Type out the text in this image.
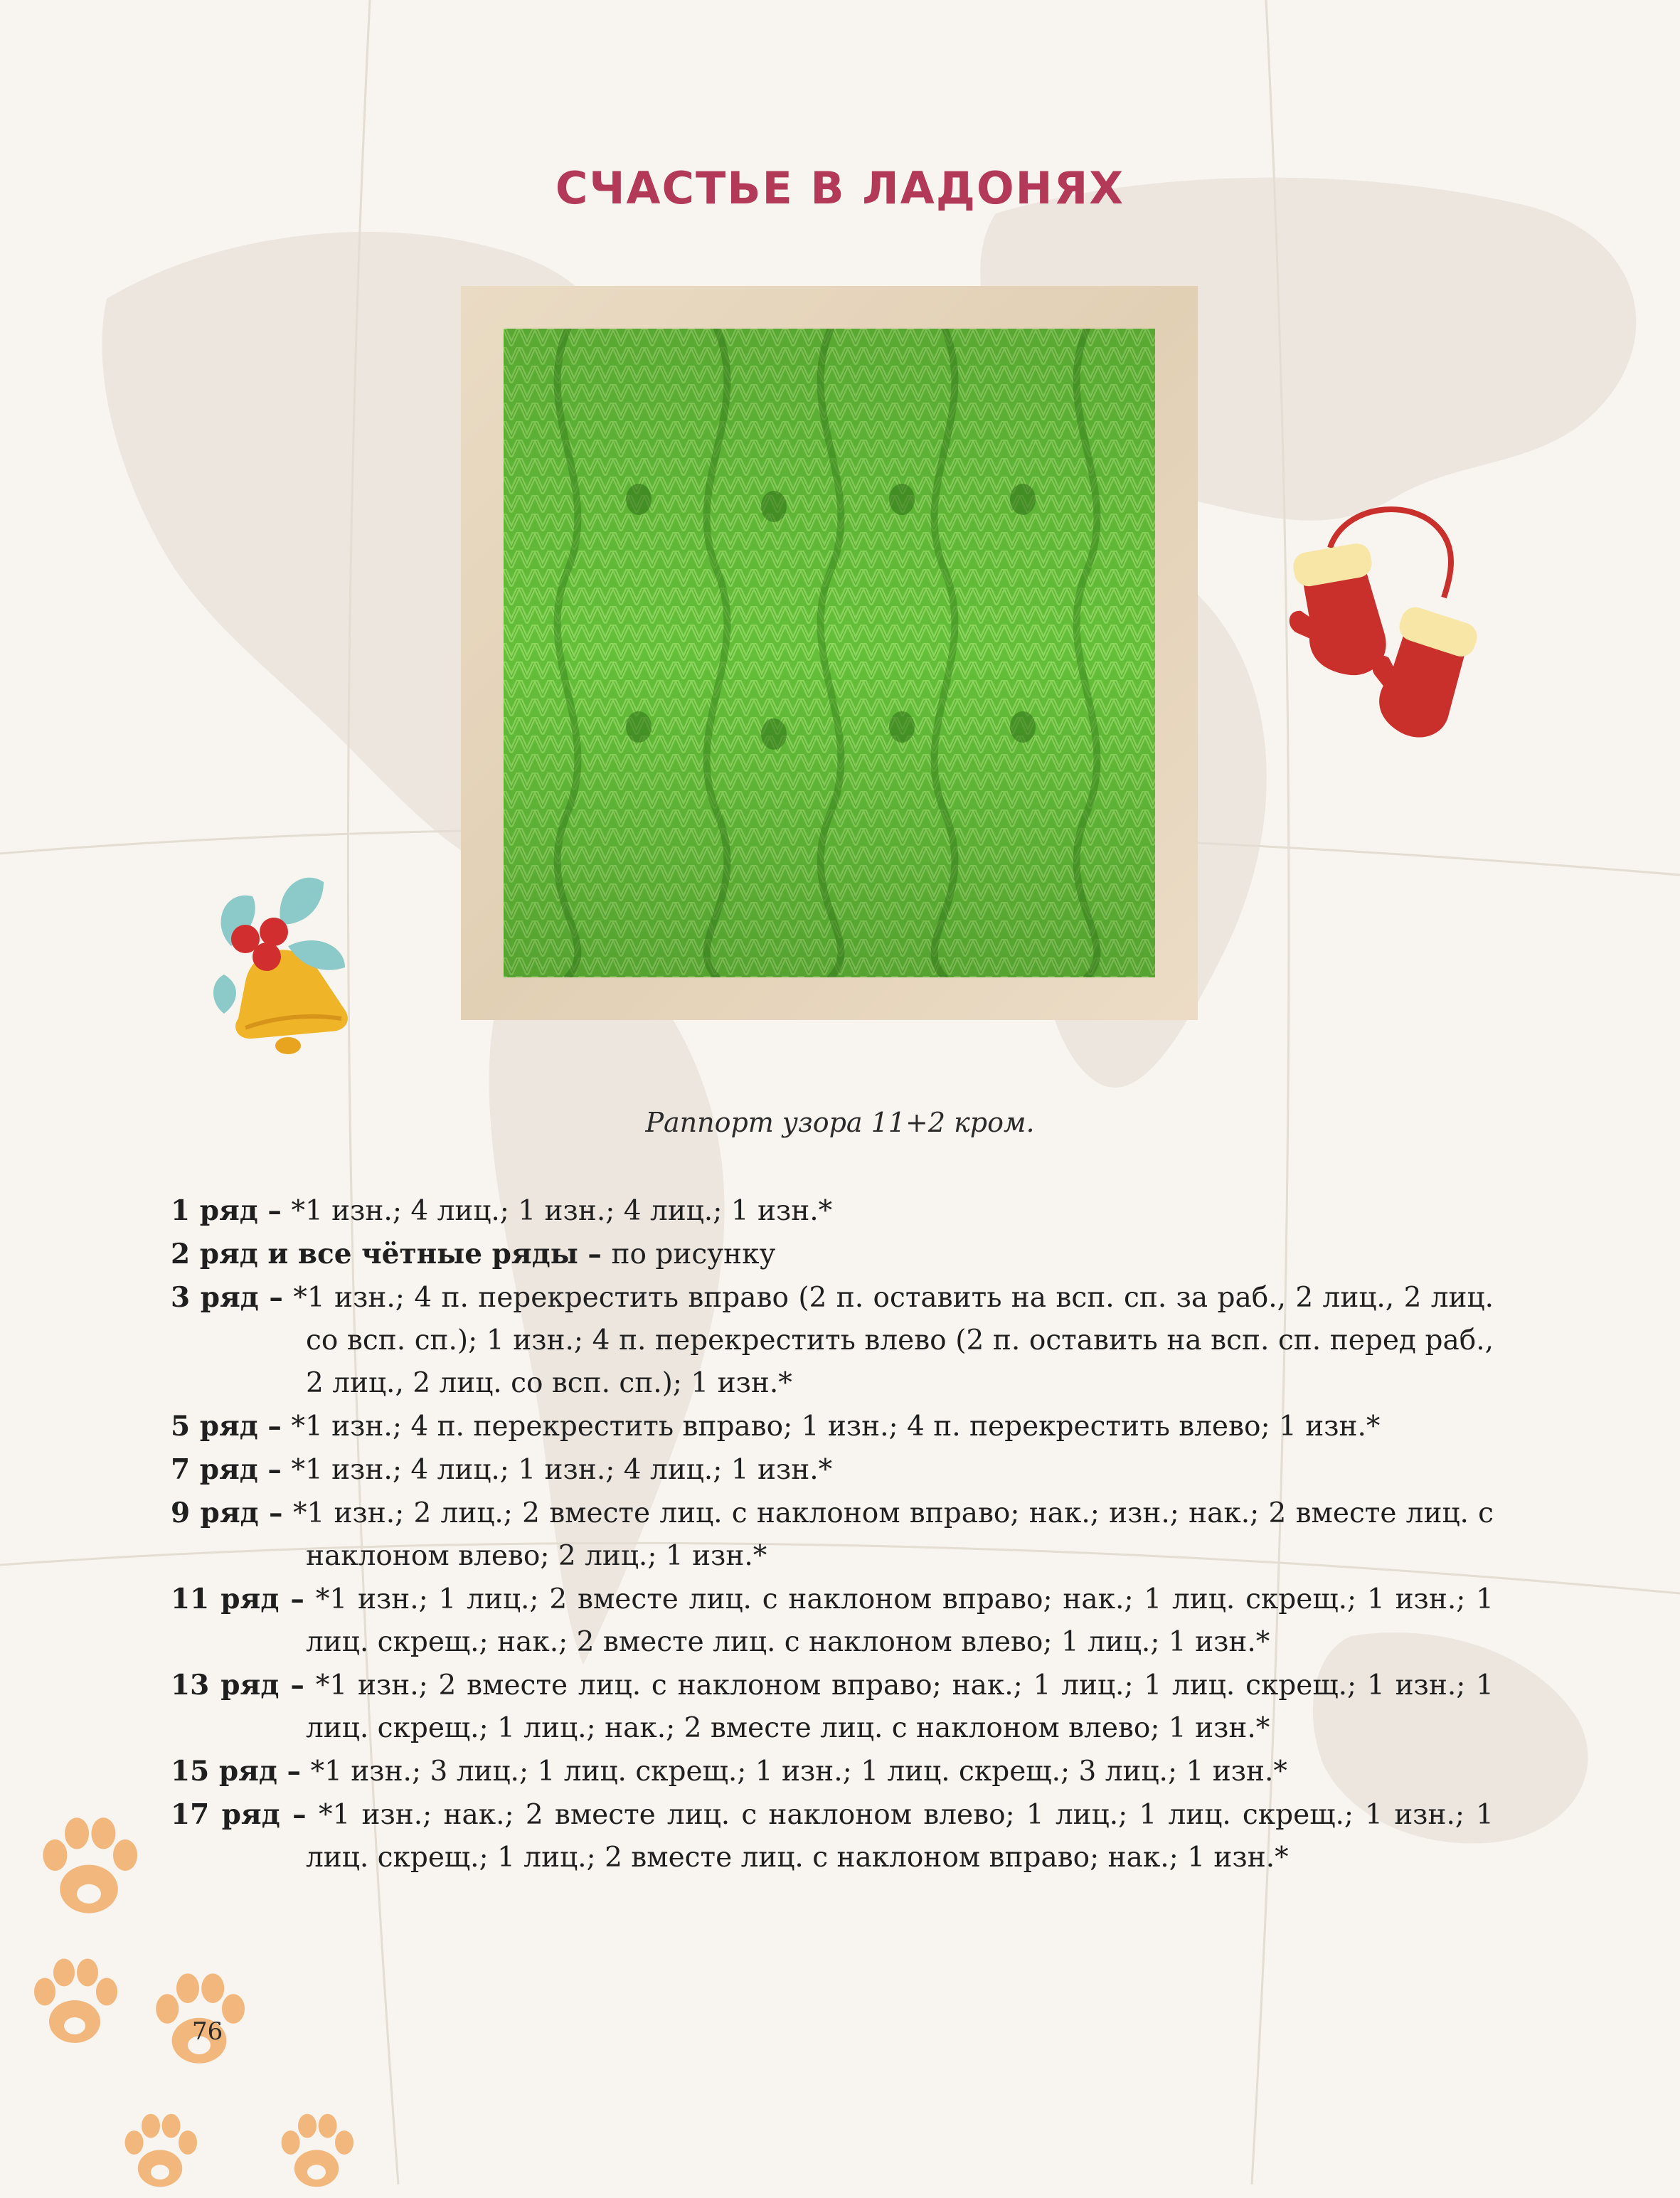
СЧАСТЬЕ В ЛАДОНЯХ

Раппорт узора 11+2 кром.

1 ряд – *1 изн.; 4 лиц.; 1 изн.; 4 лиц.; 1 изн.*

2 ряд и все чётные ряды – по рисунку

3 ряд – *1 изн.; 4 п. перекрестить вправо (2 п. оставить на всп. сп. за раб., 2 лиц., 2 лиц. со всп. сп.); 1 изн.; 4 п. перекрестить влево (2 п. оставить на всп. сп. перед раб., 2 лиц., 2 лиц. со всп. сп.); 1 изн.*

5 ряд – *1 изн.; 4 п. перекрестить вправо; 1 изн.; 4 п. перекрестить влево; 1 изн.*

7 ряд – *1 изн.; 4 лиц.; 1 изн.; 4 лиц.; 1 изн.*

9 ряд – *1 изн.; 2 лиц.; 2 вместе лиц. с наклоном вправо; нак.; изн.; нак.; 2 вместе лиц. с наклоном влево; 2 лиц.; 1 изн.*

11 ряд – *1 изн.; 1 лиц.; 2 вместе лиц. с наклоном вправо; нак.; 1 лиц. скрещ.; 1 изн.; 1 лиц. скрещ.; нак.; 2 вместе лиц. с наклоном влево; 1 лиц.; 1 изн.*

13 ряд – *1 изн.; 2 вместе лиц. с наклоном вправо; нак.; 1 лиц.; 1 лиц. скрещ.; 1 изн.; 1 лиц. скрещ.; 1 лиц.; нак.; 2 вместе лиц. с наклоном влево; 1 изн.*

15 ряд – *1 изн.; 3 лиц.; 1 лиц. скрещ.; 1 изн.; 1 лиц. скрещ.; 3 лиц.; 1 изн.*

17 ряд – *1 изн.; нак.; 2 вместе лиц. с наклоном влево; 1 лиц.; 1 лиц. скрещ.; 1 изн.; 1 лиц. скрещ.; 1 лиц.; 2 вместе лиц. с наклоном вправо; нак.; 1 изн.*

76
